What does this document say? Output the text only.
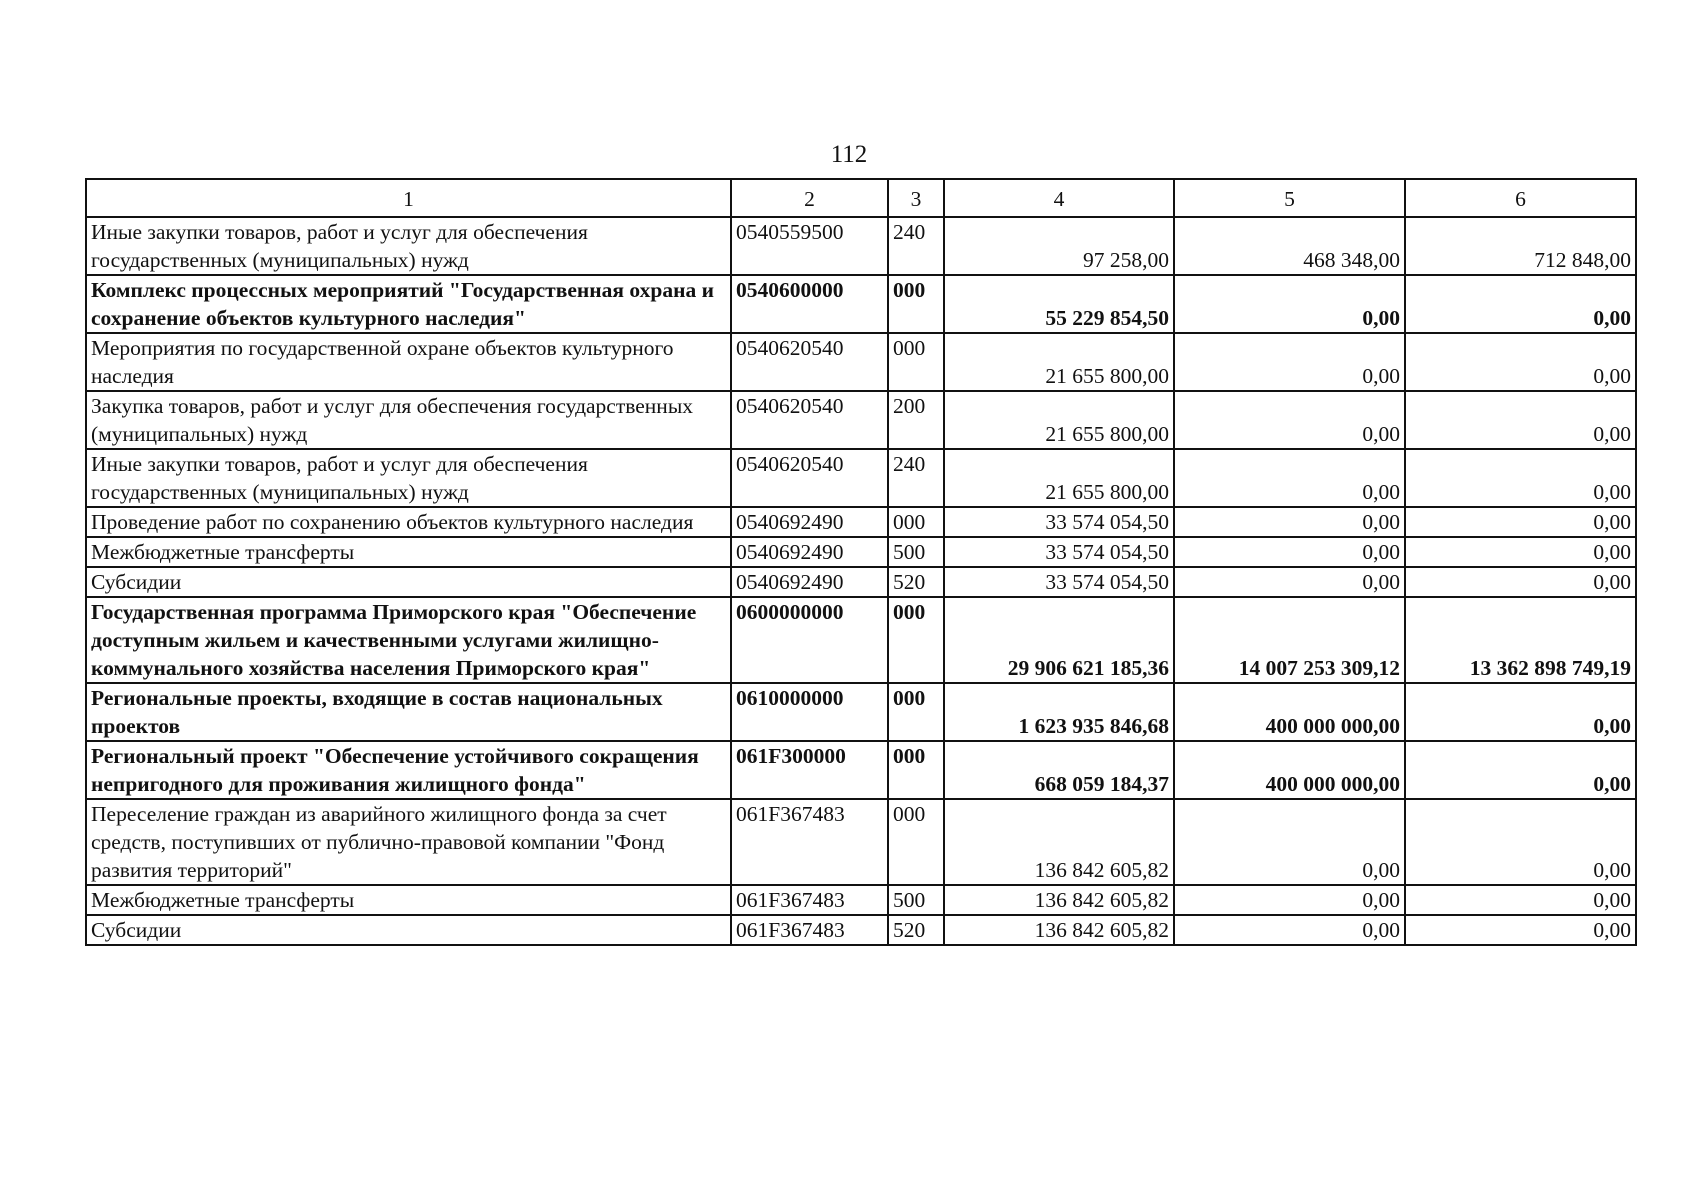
112
1	2	3	4	5	6
Иные закупки товаров, работ и услуг для обеспечения государственных (муниципальных) нужд	0540559500	240	97 258,00	468 348,00	712 848,00
Комплекс процессных мероприятий "Государственная охрана и сохранение объектов культурного наследия"	0540600000	000	55 229 854,50	0,00	0,00
Мероприятия по государственной охране объектов культурного наследия	0540620540	000	21 655 800,00	0,00	0,00
Закупка товаров, работ и услуг для обеспечения государственных (муниципальных) нужд	0540620540	200	21 655 800,00	0,00	0,00
Иные закупки товаров, работ и услуг для обеспечения государственных (муниципальных) нужд	0540620540	240	21 655 800,00	0,00	0,00
Проведение работ по сохранению объектов культурного наследия	0540692490	000	33 574 054,50	0,00	0,00
Межбюджетные трансферты	0540692490	500	33 574 054,50	0,00	0,00
Субсидии	0540692490	520	33 574 054,50	0,00	0,00
Государственная программа Приморского края "Обеспечение доступным жильем и качественными услугами жилищно-коммунального хозяйства населения Приморского края"	0600000000	000	29 906 621 185,36	14 007 253 309,12	13 362 898 749,19
Региональные проекты, входящие в состав национальных проектов	0610000000	000	1 623 935 846,68	400 000 000,00	0,00
Региональный проект "Обеспечение устойчивого сокращения непригодного для проживания жилищного фонда"	061F300000	000	668 059 184,37	400 000 000,00	0,00
Переселение граждан из аварийного жилищного фонда за счет средств, поступивших от публично-правовой компании "Фонд развития территорий"	061F367483	000	136 842 605,82	0,00	0,00
Межбюджетные трансферты	061F367483	500	136 842 605,82	0,00	0,00
Субсидии	061F367483	520	136 842 605,82	0,00	0,00
